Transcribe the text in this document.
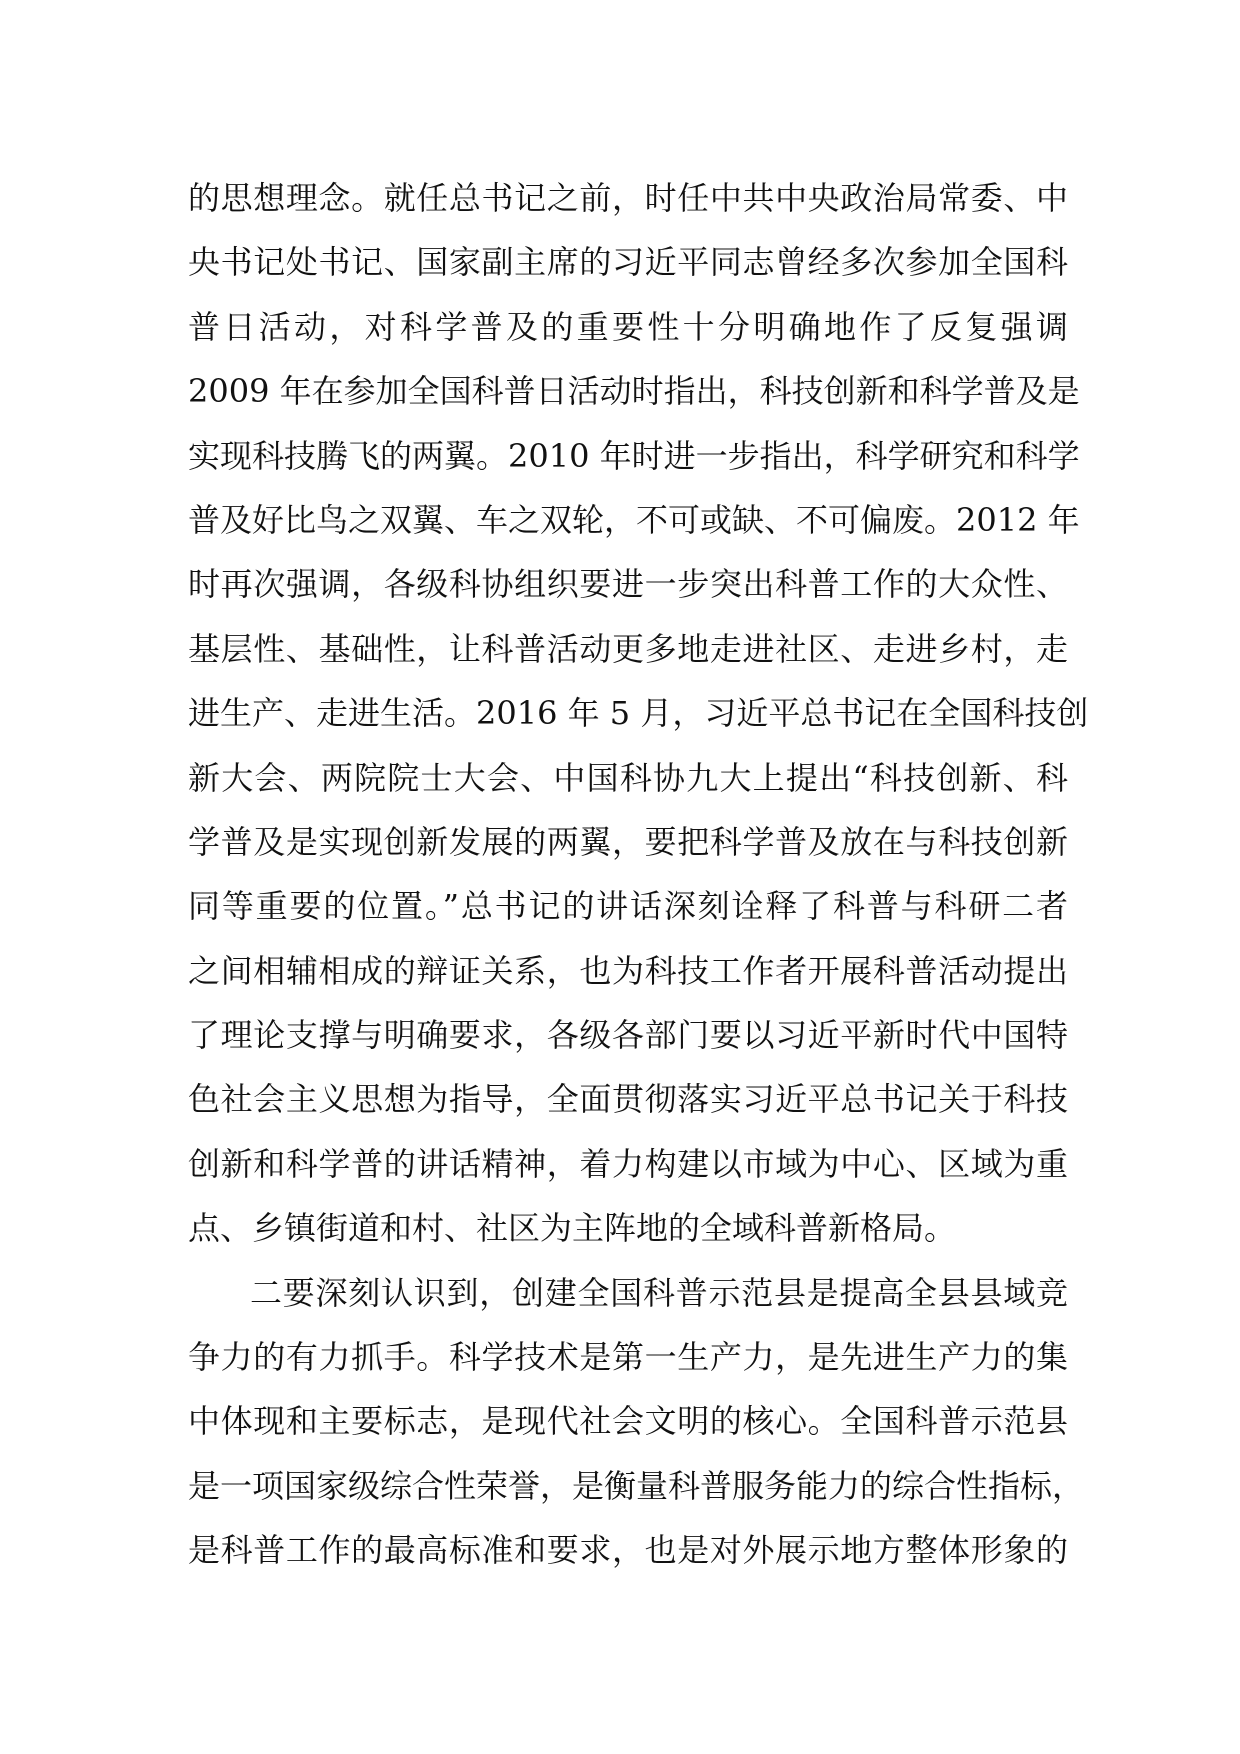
的思想理念。就任总书记之前，时任中共中央政治局常委、中
央书记处书记、国家副主席的习近平同志曾经多次参加全国科
普日活动，对科学普及的重要性十分明确地作了反复强调
2009 年在参加全国科普日活动时指出，科技创新和科学普及是
实现科技腾飞的两翼。2010 年时进一步指出，科学研究和科学
普及好比鸟之双翼、车之双轮，不可或缺、不可偏废。2012 年
时再次强调，各级科协组织要进一步突出科普工作的大众性、
基层性、基础性，让科普活动更多地走进社区、走进乡村，走
进生产、走进生活。2016 年 5 月，习近平总书记在全国科技创
新大会、两院院士大会、中国科协九大上提出“科技创新、科
学普及是实现创新发展的两翼，要把科学普及放在与科技创新
同等重要的位置。”总书记的讲话深刻诠释了科普与科研二者
之间相辅相成的辩证关系，也为科技工作者开展科普活动提出
了理论支撑与明确要求，各级各部门要以习近平新时代中国特
色社会主义思想为指导，全面贯彻落实习近平总书记关于科技
创新和科学普的讲话精神，着力构建以市域为中心、区域为重
点、乡镇街道和村、社区为主阵地的全域科普新格局。
二要深刻认识到，创建全国科普示范县是提高全县县域竞
争力的有力抓手。科学技术是第一生产力，是先进生产力的集
中体现和主要标志，是现代社会文明的核心。全国科普示范县
是一项国家级综合性荣誉，是衡量科普服务能力的综合性指标，
是科普工作的最高标准和要求，也是对外展示地方整体形象的
